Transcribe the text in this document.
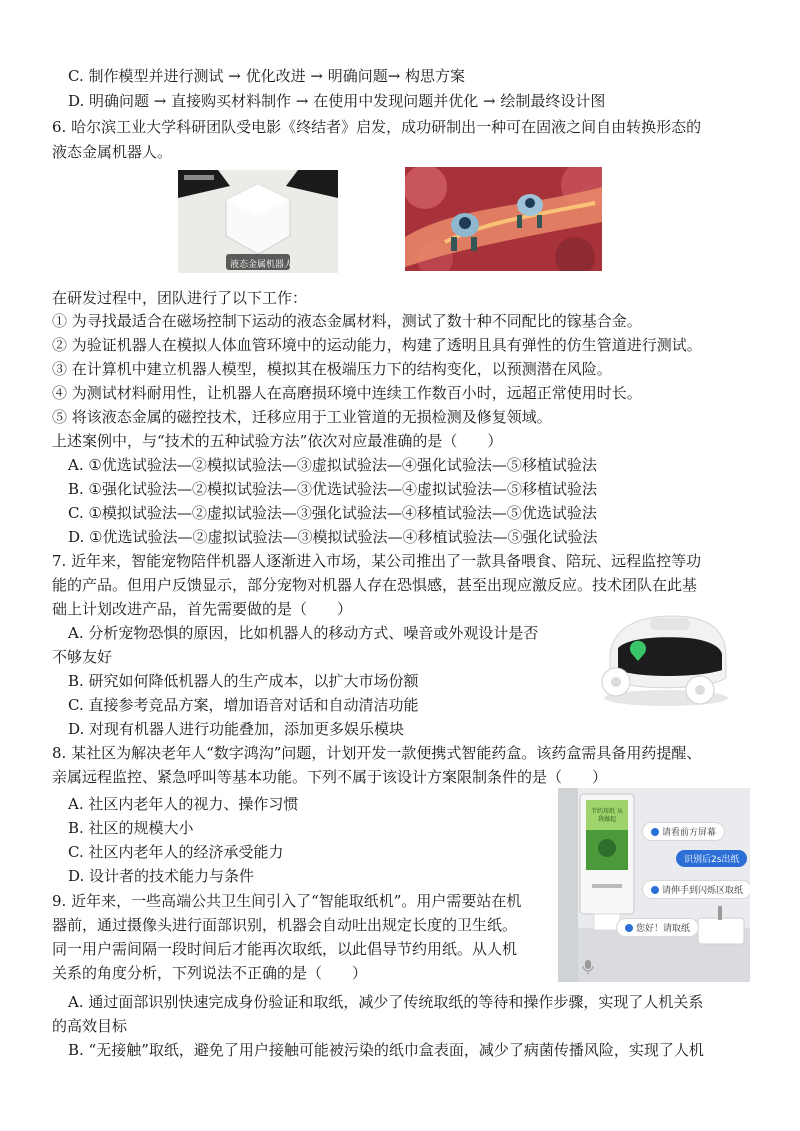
C. 制作模型并进行测试 → 优化改进 → 明确问题→ 构思方案
D. 明确问题 → 直接购买材料制作 → 在使用中发现问题并优化 → 绘制最终设计图
6. 哈尔滨工业大学科研团队受电影《终结者》启发，成功研制出一种可在固液之间自由转换形态的
液态金属机器人。
液态金属机器人
在研发过程中，团队进行了以下工作：
① 为寻找最适合在磁场控制下运动的液态金属材料，测试了数十种不同配比的镓基合金。
② 为验证机器人在模拟人体血管环境中的运动能力，构建了透明且具有弹性的仿生管道进行测试。
③ 在计算机中建立机器人模型，模拟其在极端压力下的结构变化，以预测潜在风险。
④ 为测试材料耐用性，让机器人在高磨损环境中连续工作数百小时，远超正常使用时长。
⑤ 将该液态金属的磁控技术，迁移应用于工业管道的无损检测及修复领域。
上述案例中，与“技术的五种试验方法”依次对应最准确的是（　　）
A. ①优选试验法—②模拟试验法—③虚拟试验法—④强化试验法—⑤移植试验法
B. ①强化试验法—②模拟试验法—③优选试验法—④虚拟试验法—⑤移植试验法
C. ①模拟试验法—②虚拟试验法—③强化试验法—④移植试验法—⑤优选试验法
D. ①优选试验法—②虚拟试验法—③模拟试验法—④移植试验法—⑤强化试验法
7. 近年来，智能宠物陪伴机器人逐渐进入市场，某公司推出了一款具备喂食、陪玩、远程监控等功
能的产品。但用户反馈显示，部分宠物对机器人存在恐惧感，甚至出现应激反应。技术团队在此基
础上计划改进产品，首先需要做的是（　　）
A. 分析宠物恐惧的原因，比如机器人的移动方式、噪音或外观设计是否
不够友好
B. 研究如何降低机器人的生产成本，以扩大市场份额
C. 直接参考竞品方案，增加语音对话和自动清洁功能
D. 对现有机器人进行功能叠加，添加更多娱乐模块
8. 某社区为解决老年人“数字鸿沟”问题，计划开发一款便携式智能药盒。该药盒需具备用药提醒、
亲属远程监控、紧急呼叫等基本功能。下列不属于该设计方案限制条件的是（　　）
A. 社区内老年人的视力、操作习惯
B. 社区的规模大小
C. 社区内老年人的经济承受能力
D. 设计者的技术能力与条件
节约用纸 从我做起
请看前方屏幕
识别后2s出纸
请伸手到闪烁区取纸
您好！请取纸
9. 近年来，一些高端公共卫生间引入了“智能取纸机”。用户需要站在机
器前，通过摄像头进行面部识别，机器会自动吐出规定长度的卫生纸。
同一用户需间隔一段时间后才能再次取纸，以此倡导节约用纸。从人机
关系的角度分析，下列说法不正确的是（　　）
A. 通过面部识别快速完成身份验证和取纸，减少了传统取纸的等待和操作步骤，实现了人机关系
的高效目标
B. “无接触”取纸，避免了用户接触可能被污染的纸巾盒表面，减少了病菌传播风险，实现了人机
